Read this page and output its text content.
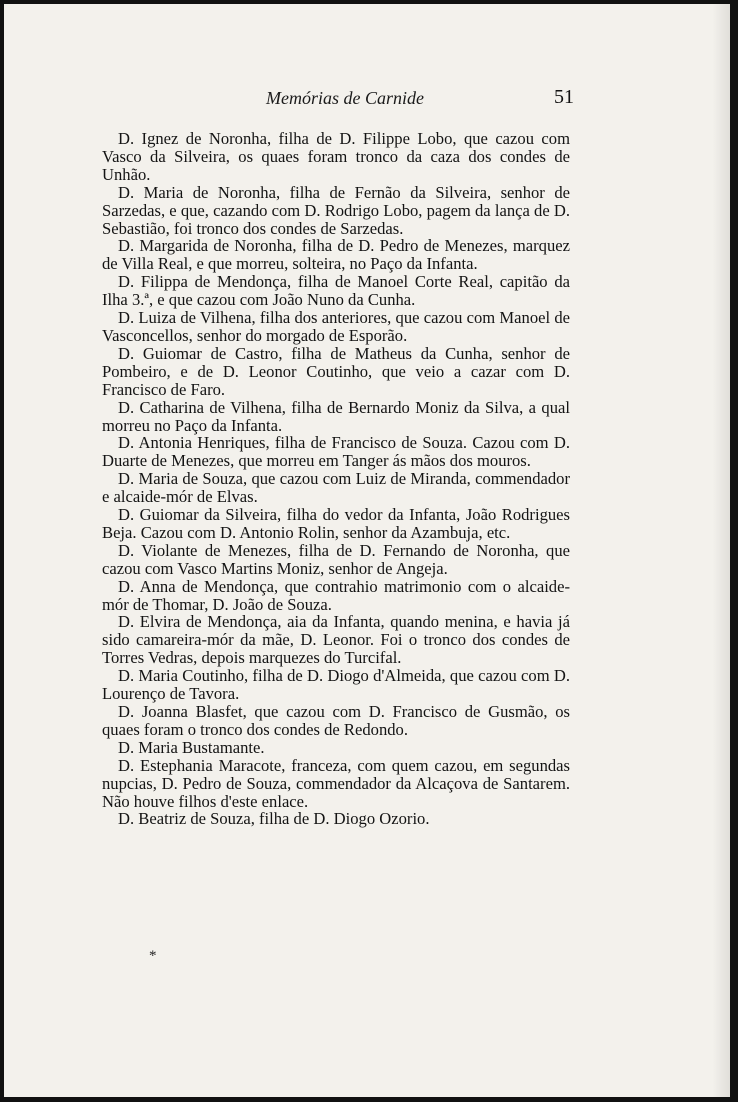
Memórias de Carnide	51

D. Ignez de Noronha, filha de D. Filippe Lobo, que cazou com Vasco da Silveira, os quaes foram tronco da caza dos condes de Unhão.

D. Maria de Noronha, filha de Fernão da Silveira, senhor de Sarzedas, e que, cazando com D. Rodrigo Lobo, pagem da lança de D. Sebastião, foi tronco dos condes de Sarzedas.

D. Margarida de Noronha, filha de D. Pedro de Menezes, marquez de Villa Real, e que morreu, solteira, no Paço da Infanta.

D. Filippa de Mendonça, filha de Manoel Corte Real, capitão da Ilha 3.ª, e que cazou com João Nuno da Cunha.

D. Luiza de Vilhena, filha dos anteriores, que cazou com Manoel de Vasconcellos, senhor do morgado de Esporão.

D. Guiomar de Castro, filha de Matheus da Cunha, senhor de Pombeiro, e de D. Leonor Coutinho, que veio a cazar com D. Francisco de Faro.

D. Catharina de Vilhena, filha de Bernardo Moniz da Silva, a qual morreu no Paço da Infanta.

D. Antonia Henriques, filha de Francisco de Souza. Cazou com D. Duarte de Menezes, que morreu em Tanger ás mãos dos mouros.

D. Maria de Souza, que cazou com Luiz de Miranda, commendador e alcaide-mór de Elvas.

D. Guiomar da Silveira, filha do vedor da Infanta, João Rodrigues Beja. Cazou com D. Antonio Rolin, senhor da Azambuja, etc.

D. Violante de Menezes, filha de D. Fernando de Noronha, que cazou com Vasco Martins Moniz, senhor de Angeja.

D. Anna de Mendonça, que contrahio matrimonio com o alcaide-mór de Thomar, D. João de Souza.

D. Elvira de Mendonça, aia da Infanta, quando menina, e havia já sido camareira-mór da mãe, D. Leonor. Foi o tronco dos condes de Torres Vedras, depois marquezes do Turcifal.

D. Maria Coutinho, filha de D. Diogo d'Almeida, que cazou com D. Lourenço de Tavora.

D. Joanna Blasfet, que cazou com D. Francisco de Gusmão, os quaes foram o tronco dos condes de Redondo.

D. Maria Bustamante.

D. Estephania Maracote, franceza, com quem cazou, em segundas nupcias, D. Pedro de Souza, commendador da Alcaçova de Santarem. Não houve filhos d'este enlace.

D. Beatriz de Souza, filha de D. Diogo Ozorio.

*
